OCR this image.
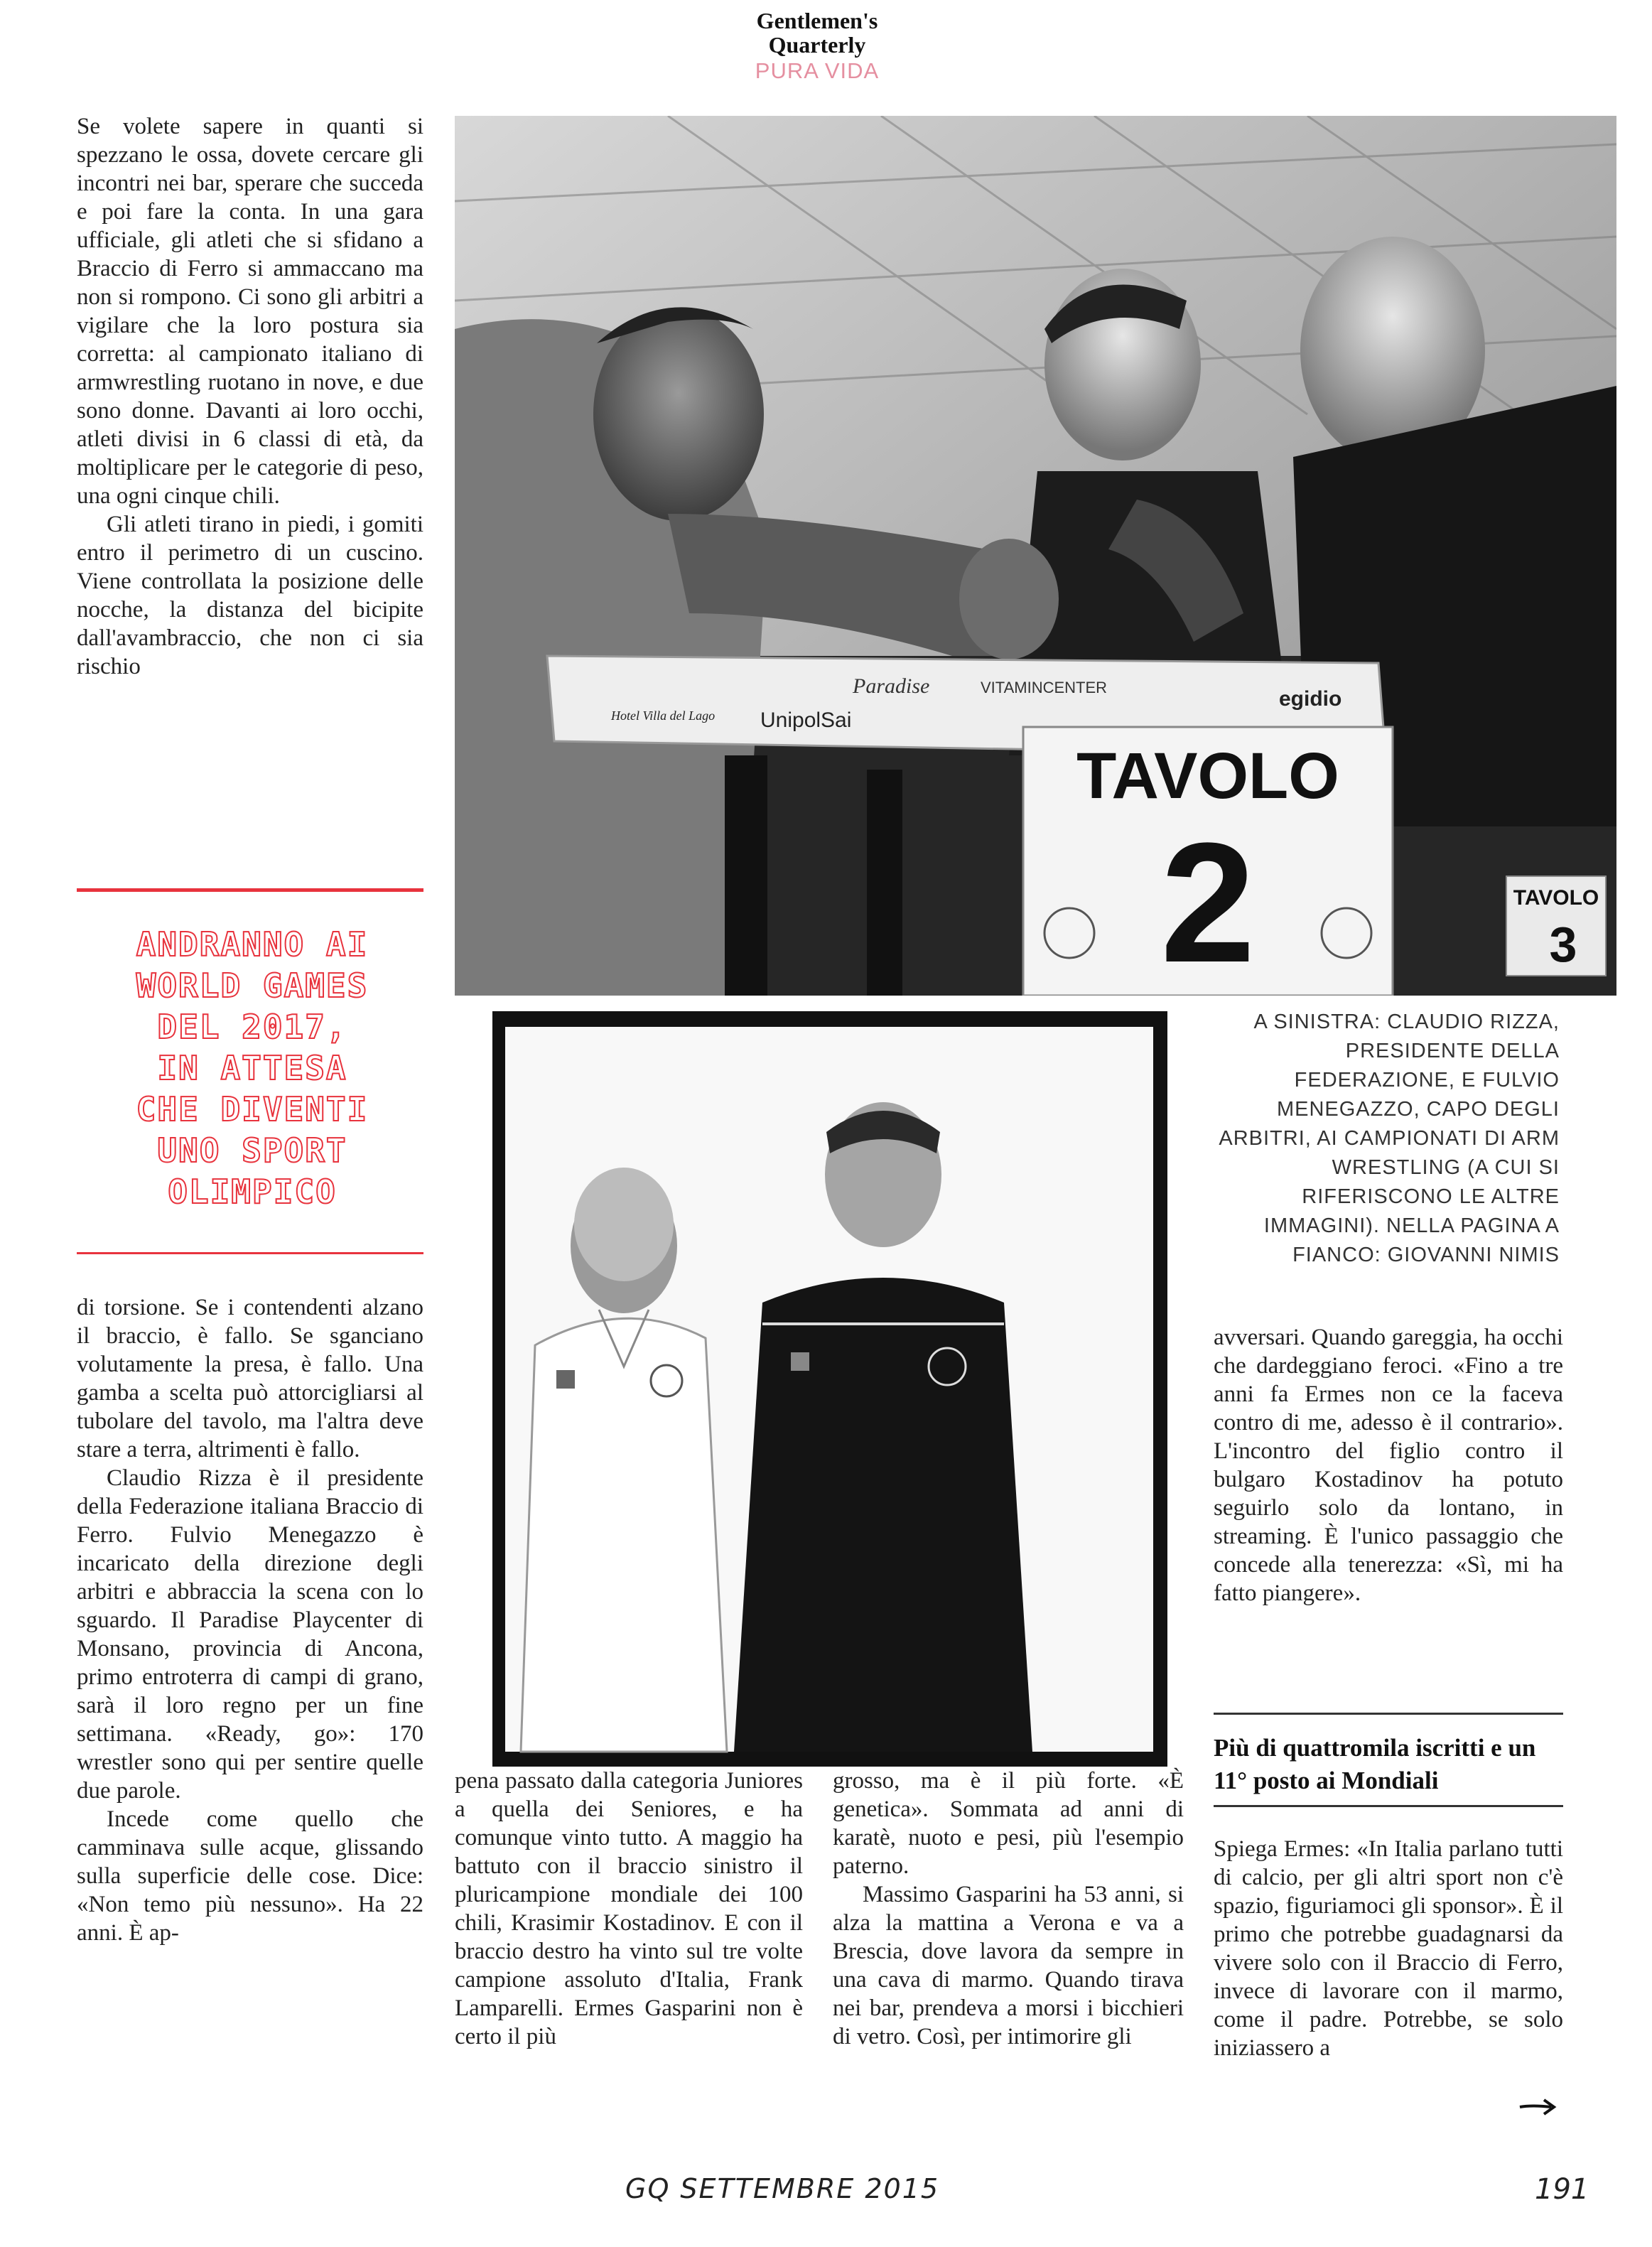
Gentlemen's
Quarterly
PURA VIDA

Se volete sapere in quanti si spezzano le ossa, dovete cercare gli incontri nei bar, sperare che succeda e poi fare la conta. In una gara ufficiale, gli atleti che si sfidano a Braccio di Ferro si ammaccano ma non si rompono. Ci sono gli arbitri a vigilare che la loro postura sia corretta: al campionato italiano di armwrestling ruotano in nove, e due sono donne. Davanti ai loro occhi, atleti divisi in 6 classi di età, da moltiplicare per le categorie di peso, una ogni cinque chili.

Gli atleti tirano in piedi, i gomiti entro il perimetro di un cuscino. Viene controllata la posizione delle nocche, la distanza del bicipite dall'avambraccio, che non ci sia rischio

ANDRANNO AI
WORLD GAMES
DEL 2017,
IN ATTESA
CHE DIVENTI
UNO SPORT
OLIMPICO

di torsione. Se i contendenti alzano il braccio, è fallo. Se sganciano volutamente la presa, è fallo. Una gamba a scelta può attorcigliarsi al tubolare del tavolo, ma l'altra deve stare a terra, altrimenti è fallo.

Claudio Rizza è il presidente della Federazione italiana Braccio di Ferro. Fulvio Menegazzo è incaricato della direzione degli arbitri e abbraccia la scena con lo sguardo. Il Paradise Playcenter di Monsano, provincia di Ancona, primo entroterra di campi di grano, sarà il loro regno per un fine settimana. «Ready, go»: 170 wrestler sono qui per sentire quelle due parole.

Incede come quello che camminava sulle acque, glissando sulla superficie delle cose. Dice: «Non temo più nessuno». Ha 22 anni. È ap-

Paradise	VITAMINCENTER	egidio
UnipolSai
Hotel Villa del Lago
TAVOLO
2	TAVOLO
3
A SINISTRA: CLAUDIO RIZZA, PRESIDENTE DELLA FEDERAZIONE, E FULVIO MENEGAZZO, CAPO DEGLI ARBITRI, AI CAMPIONATI DI ARM WRESTLING (A CUI SI RIFERISCONO LE ALTRE IMMAGINI). NELLA PAGINA A FIANCO: GIOVANNI NIMIS

pena passato dalla categoria Juniores a quella dei Seniores, e ha comunque vinto tutto. A maggio ha battuto con il braccio sinistro il pluricampione mondiale dei 100 chili, Krasimir Kostadinov. E con il braccio destro ha vinto sul tre volte campione assoluto d'Italia, Frank Lamparelli. Ermes Gasparini non è certo il più

grosso, ma è il più forte. «È genetica». Sommata ad anni di karatè, nuoto e pesi, più l'esempio paterno.

Massimo Gasparini ha 53 anni, si alza la mattina a Verona e va a Brescia, dove lavora da sempre in una cava di marmo. Quando tirava nei bar, prendeva a morsi i bicchieri di vetro. Così, per intimorire gli

avversari. Quando gareggia, ha occhi che dardeggiano feroci. «Fino a tre anni fa Ermes non ce la faceva contro di me, adesso è il contrario». L'incontro del figlio contro il bulgaro Kostadinov ha potuto seguirlo solo da lontano, in streaming. È l'unico passaggio che concede alla tenerezza: «Sì, mi ha fatto piangere».

Più di quattromila iscritti e un 11° posto ai Mondiali

Spiega Ermes: «In Italia parlano tutti di calcio, per gli altri sport non c'è spazio, figuriamoci gli sponsor». È il primo che potrebbe guadagnarsi da vivere solo con il Braccio di Ferro, invece di lavorare con il marmo, come il padre. Potrebbe, se solo iniziassero a

GQ SETTEMBRE 2015	191
